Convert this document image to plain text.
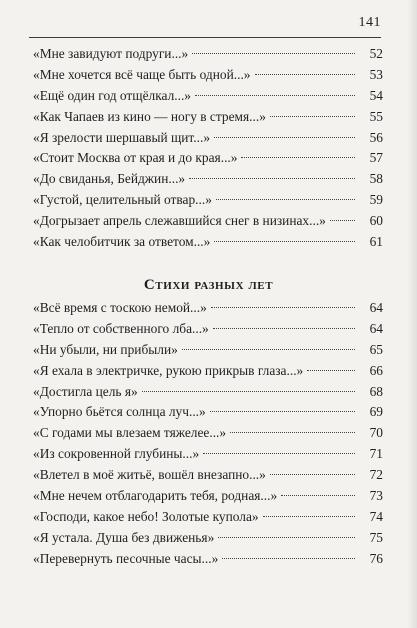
141
«Мне завидуют подруги...»	52
«Мне хочется всё чаще быть одной...»	53
«Ещё один год отщёлкал...»	54
«Как Чапаев из кино — ногу в стремя...»	55
«Я зрелости шершавый щит...»	56
«Стоит Москва от края и до края...»	57
«До свиданья, Бейджин...»	58
«Густой, целительный отвар...»	59
«Догрызает апрель слежавшийся снег в низинах...»	60
«Как челобитчик за ответом...»	61
Стихи разных лет
«Всё время с тоскою немой...»	64
«Тепло от собственного лба...»	64
«Ни убыли, ни прибыли»	65
«Я ехала в электричке, рукою прикрыв глаза...»	66
«Достигла цель я»	68
«Упорно бьётся солнца луч...»	69
«С годами мы влезаем тяжелее...»	70
«Из сокровенной глубины...»	71
«Влетел в моё житьё, вошёл внезапно...»	72
«Мне нечем отблагодарить тебя, родная...»	73
«Господи, какое небо! Золотые купола»	74
«Я устала. Душа без движенья»	75
«Перевернуть песочные часы...»	76
